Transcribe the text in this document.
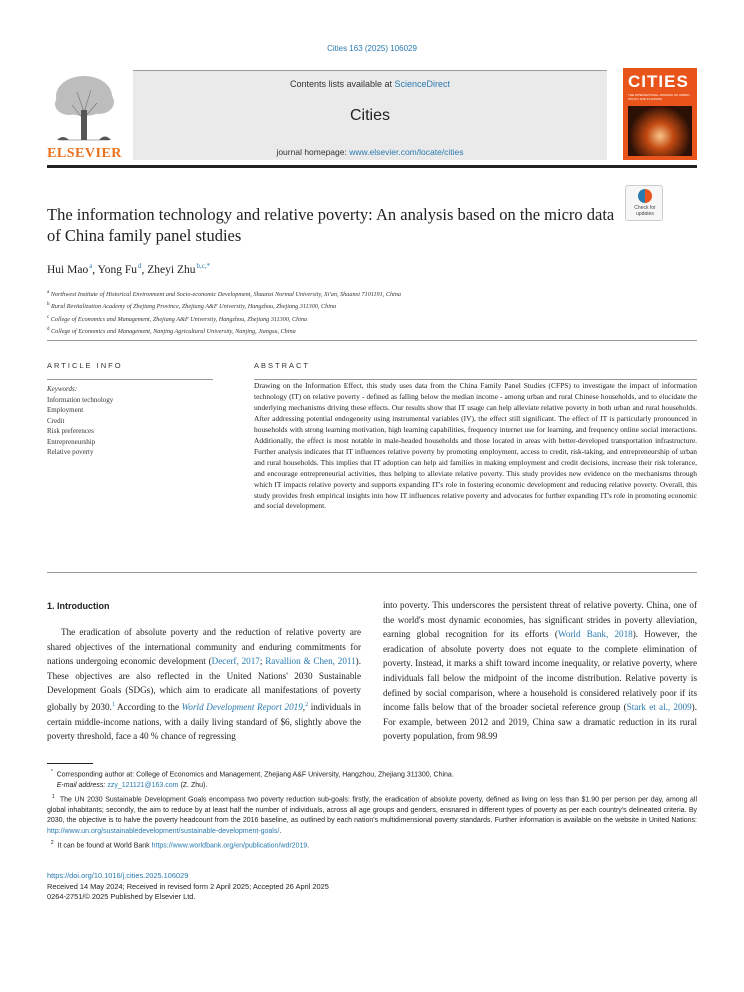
Cities 163 (2025) 106029
ELSEVIER
Contents lists available at ScienceDirect
Cities
journal homepage: www.elsevier.com/locate/cities
CITIES
THE INTERNATIONAL JOURNAL OF URBAN POLICY AND PLANNING
The information technology and relative poverty: An analysis based on the micro data of China family panel studies
Check for updates
Hui Mao $^a$, Yong Fu $^d$, Zheyi Zhu $^{b,c,*}$
$^a$ Northwest Institute of Historical Environment and Socio-economic Development, Shaanxi Normal University, Xi'an, Shaanxi 7101191, China
$^b$ Rural Revitalization Academy of Zhejiang Province, Zhejiang A&F University, Hangzhou, Zhejiang 311300, China
$^c$ College of Economics and Management, Zhejiang A&F University, Hangzhou, Zhejiang 311300, China
$^d$ College of Economics and Management, Nanjing Agricultural University, Nanjing, Jiangsu, China
ARTICLE INFO
Keywords:
Information technology
Employment
Credit
Risk preferences
Entrepreneurship
Relative poverty
ABSTRACT
Drawing on the Information Effect, this study uses data from the China Family Panel Studies (CFPS) to investigate the impact of information technology (IT) on relative poverty - defined as falling below the median income - among urban and rural Chinese households, and to elucidate the underlying mechanisms driving these effects. Our results show that IT usage can help alleviate relative poverty in both urban and rural households. After addressing potential endogeneity using instrumental variables (IV), the effect still significant. The effect of IT is particularly pronounced in households with strong learning motivation, high learning capabilities, frequency internet use for learning, and frequency online social interactions. Additionally, the effect is most notable in male-headed households and those located in areas with better-developed transportation infrastructure. Further analysis indicates that IT influences relative poverty by promoting employment, access to credit, risk-taking, and entrepreneurship of urban and rural households. This implies that IT adoption can help aid families in making employment and credit decisions, increase their risk tolerance, and encourage entrepreneurial activities, thus helping to alleviate relative poverty. This study provides new evidence on the mechanisms through which IT impacts relative poverty and supports expanding IT's role in fostering economic development and reducing relative poverty. Overall, this study provides fresh empirical insights into how IT influences relative poverty and advocates for further expanding IT's role in promoting economic and social development.
1. Introduction

The eradication of absolute poverty and the reduction of relative poverty are shared objectives of the international community and enduring commitments for nations undergoing economic development (Decerf, 2017; Ravallion & Chen, 2011). These objectives are also reflected in the United Nations' 2030 Sustainable Development Goals (SDGs), which aim to eradicate all manifestations of poverty globally by 2030.$^1$ According to the World Development Report 2019,$^2$ individuals in certain middle-income nations, with a daily living standard of $6, slightly above the poverty threshold, face a 40 % chance of regressing

into poverty. This underscores the persistent threat of relative poverty. China, one of the world's most dynamic economies, has significant strides in poverty alleviation, earning global recognition for its efforts (World Bank, 2018). However, the eradication of absolute poverty does not equate to the complete elimination of poverty. Instead, it marks a shift toward income inequality, or relative poverty, where individuals fall below the midpoint of the income distribution. Relative poverty is defined by social comparison, where a household is considered relatively poor if its income falls below that of the broader societal reference group (Stark et al., 2009). For example, between 2012 and 2019, China saw a dramatic reduction in its rural poverty population, from 98.99

* Corresponding author at: College of Economics and Management, Zhejiang A&F University, Hangzhou, Zhejiang 311300, China.

E-mail address: zzy_121121@163.com (Z. Zhu).

$^1$ The UN 2030 Sustainable Development Goals encompass two poverty reduction sub-goals: firstly, the eradication of absolute poverty, defined as living on less than $1.90 per person per day, among all global inhabitants; secondly, the aim to reduce by at least half the number of individuals, across all age groups and genders, ensnared in different types of poverty as per each country's delineated criteria. By 2030, the objective is to halve the poverty headcount from the 2016 baseline, as outlined by each nation's multidimensional poverty standards. Further information is available on the website in United Nations: http://www.un.org/sustainabledevelopment/sustainable-development-goals/.

$^2$ It can be found at World Bank https://www.worldbank.org/en/publication/wdr2019.

https://doi.org/10.1016/j.cities.2025.106029
Received 14 May 2024; Received in revised form 2 April 2025; Accepted 26 April 2025
0264-2751/© 2025 Published by Elsevier Ltd.
